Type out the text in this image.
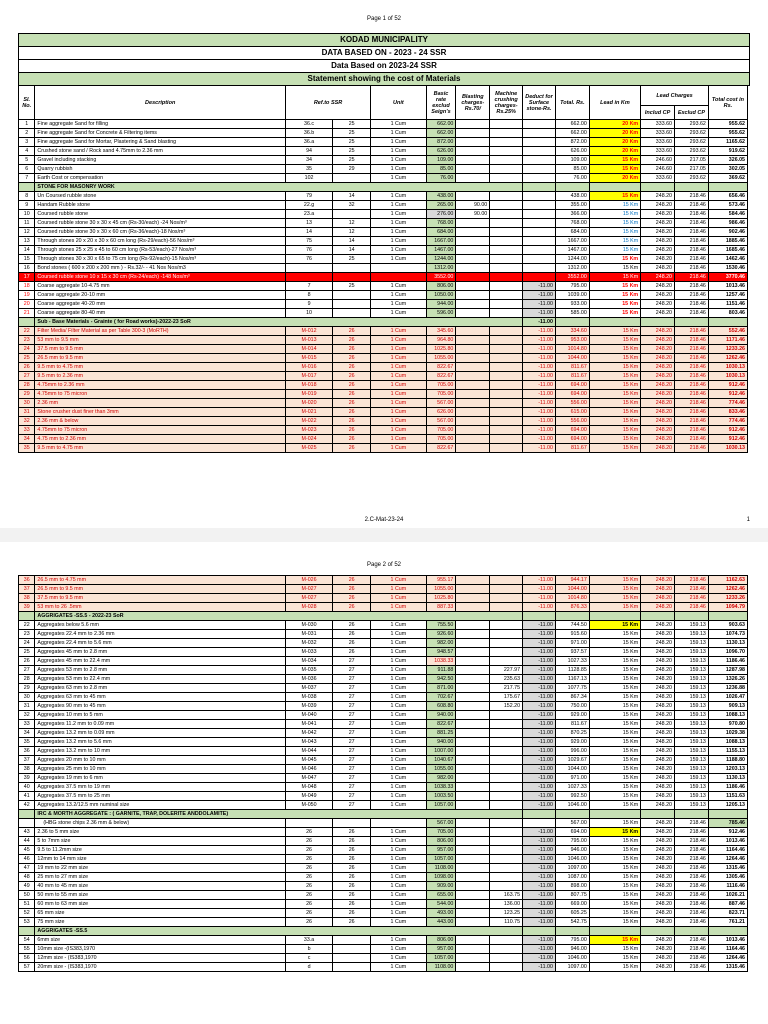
Page 1 of 52
KODAD MUNICIPALITY
DATA BASED ON - 2023 - 24 SSR
Data Based on 2023-24 SSR
Statement showing the cost of Materials
Sl. No.	Description	Ref.to SSR		Unit	Basic rate exclud Seign's	Blasting charges- Rs.70/	Machine crushing charges- Rs.25%	Deduct for Surface stone-Rs.	Total. Rs.	Lead in Km	Lead Charges		Total cost in Rs.
											Includ CP	Exclud CP	
1	Fine aggregate Sand for filling	36.c	25	1 Cum	662.00				662.00	20 Km	333.60	293.62	955.62
2	Fine aggregate Sand for Concrete & Filtering items	36.b	25	1 Cum	662.00				662.00	20 Km	333.60	293.62	955.62
3	Fine aggregate Sand for Mortar, Plastering & Sand blasting	36.a	25	1 Cum	872.00				872.00	20 Km	333.60	293.62	1165.62
4	Crushed stone sand / Rock sand 4.75mm to 2.36 mm	94	25	1 Cum	626.00				626.00	20 Km	333.60	293.62	919.62
5	Gravel including stacking	34	25	1 Cum	109.00				109.00	15 Km	246.60	217.05	326.05
6	Quarry rubbish	35	29	1 Cum	85.00				85.00	15 Km	246.60	217.05	302.05
7	Earth Cost or compensation	102		1 Cum	76.00				76.00	20 Km	333.60	293.62	369.62
	STONE FOR MASONRY WORK												
8	Un Coursed rubble stone	79	14	1 Cum	438.00				438.00	15 Km	248.20	218.46	656.46
9	Handam Rubble stone	22.g	32	1 Cum	265.00	90.00			355.00	15 Km	248.20	218.46	573.46
10	Coursed rubble stone	23.a		1 Cum	276.00	90.00			366.00	15 Km	248.20	218.46	584.46
11	Coursed rubble stone 30 x 30 x 45 cm (Rs-30/each) -24 Nos/m³	13	12	1 Cum	768.00				768.00	15 Km	248.20	218.46	986.46
12	Coursed rubble stone 30 x 30 x 60 cm (Rs-36/each)-18 Nos/m³	14	12	1 Cum	684.00				684.00	15 Km	248.20	218.46	902.46
13	Through stones 20 x 20 x 30 x 60 cm long (Rs-29/each)-56 Nos/m³	75	14	1 Cum	1667.00				1667.00	15 Km	248.20	218.46	1885.46
14	Through stones 25 x 25 x 45 to 60 cm long (Rs-53/each)-27 Nos/m³	76	14	1 Cum	1467.00				1467.00	15 Km	248.20	218.46	1685.46
15	Through stones 30 x 30 x 65 to 75 cm long (Rs-92/each)-15 Nos/m³	76	25	1 Cum	1244.00				1244.00	15 Km	248.20	218.46	1462.46
16	Bond stones ( 600 x 200 x 200 mm ) - Rs.32/- - 41 Nos Nos/m3				1312.00				1312.00	15 Km	248.20	218.46	1530.46
17	Coursed rubble stone 10 x 15 x 30 cm (Rs-24/each) -148 Nos/m³				3552.00				3552.00	15 Km	248.20	218.46	3770.46
18	Coarse aggregate 10-4.75 mm	7	25	1 Cum	806.00			-11.00	795.00	15 Km	248.20	218.46	1013.46
19	Coarse aggregate 20-10 mm	8		1 Cum	1050.00			-11.00	1039.00	15 Km	248.20	218.46	1257.46
20	Coarse aggregate 40-20 mm	9		1 Cum	944.00			-11.00	933.00	15 Km	248.20	218.46	1151.46
21	Coarse aggregate 80-40 mm	10		1 Cum	596.00			-11.00	585.00	15 Km	248.20	218.46	803.46
	Sub - Base Materials - Grainte ( for Road works)-2022-23 SoR							-11.00					
22	Filter Media/ Filter Material as per Table 300-3 (MoRTH)	M-012	26	1 Cum	345.60			-11.00	334.60	15 Km	248.20	218.46	552.46
23	53 mm to 9.5 mm	M-013	26	1 Cum	964.80			-11.00	953.00	15 Km	248.20	218.46	1171.46
24	37.5 mm to 9.5 mm	M-014	26	1 Cum	1025.80			-11.00	1014.80	15 Km	248.20	218.46	1233.26
25	26.5 mm to 9.5 mm	M-015	26	1 Cum	1055.00			-11.00	1044.00	15 Km	248.20	218.46	1262.46
26	9.5 mm to 4.75 mm	M-016	26	1 Cum	822.67			-11.00	811.67	15 Km	248.20	218.46	1030.13
27	9.5 mm to 2.36 mm	M-017	26	1 Cum	822.67			-11.00	811.67	15 Km	248.20	218.46	1030.13
28	4.75mm to 2.36 mm	M-018	26	1 Cum	705.00			-11.00	694.00	15 Km	248.20	218.46	912.46
29	4.75mm to 75 micron	M-019	26	1 Cum	705.00			-11.00	694.00	15 Km	248.20	218.46	912.46
30	2.36 mm	M-020	26	1 Cum	567.00			-11.00	556.00	15 Km	248.20	218.46	774.46
31	Stone crusher dust finer than 3mm	M-021	26	1 Cum	626.00			-11.00	615.00	15 Km	248.20	218.46	833.46
32	2.36 mm & below	M-022	26	1 Cum	567.00			-11.00	556.00	15 Km	248.20	218.46	774.46
33	4.75mm to 75 micron	M-023	26	1 Cum	705.00			-11.00	694.00	15 Km	248.20	218.46	912.46
34	4.75 mm to 2.36 mm	M-024	26	1 Cum	705.00			-11.00	694.00	15 Km	248.20	218.46	912.46
35	9.5 mm to 4.75 mm	M-025	26	1 Cum	822.67			-11.00	811.67	15 Km	248.20	218.46	1030.13
2.C-Mat-23-24	1
Page 2 of 52
36	26.5 mm to 4.75 mm	M-026	26	1 Cum	955.17			-11.00	944.17	15 Km	248.20	218.46	1162.63
37	26.5 mm to 9.5 mm	M-027	26	1 Cum	1055.00			-11.00	1044.00	15 Km	248.20	218.46	1262.46
38	37.5 mm to 9.5 mm	M-027	26	1 Cum	1025.80			-11.00	1014.80	15 Km	248.20	218.46	1233.26
39	53 mm to 26 .5mm	M-028	26	1 Cum	887.33			-11.00	876.33	15 Km	248.20	218.46	1094.79
	AGGRIGATES -SS.5 - 2022-23 SoR												
22	Aggregates below 5.6 mm	M-030	26	1 Cum	755.50			-11.00	744.50	15 Km	248.20	159.13	903.63
23	Aggregates 22.4 mm to 2.36 mm	M-031	26	1 Cum	926.60			-11.00	915.60	15 Km	248.20	159.13	1074.73
24	Aggregates 22.4 mm to 5.6 mm	M-032	26	1 Cum	982.00			-11.00	971.00	15 Km	248.20	159.13	1130.13
25	Aggregates 45 mm to 2.8 mm	M-033	26	1 Cum	948.57			-11.00	937.57	15 Km	248.20	159.13	1096.70
26	Aggregates 45 mm to 22.4 mm	M-034	27	1 Cum	1038.33			-11.00	1027.33	15 Km	248.20	159.13	1186.46
27	Aggregates 53 mm to 2.8 mm	M-035	27	1 Cum	911.88		227.97	-11.00	1128.85	15 Km	248.20	159.13	1287.98
28	Aggregates 53 mm to 22.4 mm	M-036	27	1 Cum	942.50		235.63	-11.00	1167.13	15 Km	248.20	159.13	1326.26
29	Aggregates 63 mm to 2.8 mm	M-037	27	1 Cum	871.00		217.75	-11.00	1077.75	15 Km	248.20	159.13	1236.88
30	Aggregates 63 mm to 45 mm	M-038	27	1 Cum	702.67		175.67	-11.00	867.34	15 Km	248.20	159.13	1026.47
31	Aggregates 90 mm to 45 mm	M-039	27	1 Cum	608.80		152.20	-11.00	750.00	15 Km	248.20	159.13	909.13
32	Aggregates 10 mm to 5 mm	M-040	27	1 Cum	940.00			-11.00	929.00	15 Km	248.20	159.13	1088.13
33	Aggregates 11.2 mm to 0.09 mm	M-041	27	1 Cum	822.67			-11.00	811.67	15 Km	248.20	159.13	970.80
34	Aggregates 13.2 mm to 0.09 mm	M-042	27	1 Cum	881.25			-11.00	870.25	15 Km	248.20	159.13	1029.38
35	Aggregates 13.2 mm to 5.6 mm	M-043	27	1 Cum	940.00			-11.00	929.00	15 Km	248.20	159.13	1088.13
36	Aggregates 13.2 mm to 10 mm	M-044	27	1 Cum	1007.00			-11.00	996.00	15 Km	248.20	159.13	1155.13
37	Aggregates 20 mm to 10 mm	M-045	27	1 Cum	1040.67			-11.00	1029.67	15 Km	248.20	159.13	1188.80
38	Aggregates 25 mm to 10 mm	M-046	27	1 Cum	1055.00			-11.00	1044.00	15 Km	248.20	159.13	1203.13
39	Aggregates 19 mm to 6 mm	M-047	27	1 Cum	982.00			-11.00	971.00	15 Km	248.20	159.13	1130.13
40	Aggregates 37.5 mm to 19 mm	M-048	27	1 Cum	1038.33			-11.00	1027.33	15 Km	248.20	159.13	1186.46
41	Aggregates 37.5 mm to 25 mm	M-049	27	1 Cum	1003.50			-11.00	992.50	15 Km	248.20	159.13	1151.63
42	Aggregates 13.2/12.5 mm numinal size	M-050	27	1 Cum	1057.00			-11.00	1046.00	15 Km	248.20	159.13	1205.13
	IRC & MORTH AGGREGATE : ( GARNITE, TRAP, DOLERITE ANDDOLAMITE)												
	(HBG stone chips 2.36 mm & below)				567.00				567.00	15 Km	248.20	218.46	785.46
43	2.36 to 5 mm size	26	26	1 Cum	705.00			-11.00	694.00	15 Km	248.20	218.46	912.46
44	5 to 7mm size	26	26	1 Cum	806.00			-11.00	795.00	15 Km	248.20	218.46	1013.46
45	9.5 to 11.2mm size	26	26	1 Cum	957.00			-11.00	946.00	15 Km	248.20	218.46	1164.46
46	12mm to 14 mm size	26	26	1 Cum	1057.00			-11.00	1046.00	15 Km	248.20	218.46	1264.46
47	19 mm to 22 mm size	26	26	1 Cum	1108.00			-11.00	1097.00	15 Km	248.20	218.46	1315.46
48	25 mm to 27 mm size	26	26	1 Cum	1098.00			-11.00	1087.00	15 Km	248.20	218.46	1305.46
49	40 mm to 45 mm size	26	26	1 Cum	909.00			-11.00	898.00	15 Km	248.20	218.46	1116.46
50	50 mm to 55 mm size	26	26	1 Cum	655.00		163.75	-11.00	807.75	15 Km	248.20	218.46	1026.21
51	60 mm to 63 mm size	26	26	1 Cum	544.00		136.00	-11.00	669.00	15 Km	248.20	218.46	887.46
52	65 mm size	26	26	1 Cum	493.00		123.25	-11.00	605.25	15 Km	248.20	218.46	823.71
53	75 mm size	26	26	1 Cum	443.00		110.75	-11.00	542.75	15 Km	248.20	218.46	761.21
	AGGRIGATES -SS.5												
54	6mm size	33.a		1 Cum	806.00			-11.00	795.00	15 Km	248.20	218.46	1013.46
55	10mm size -(IS383,1970	b		1 Cum	957.00			-11.00	946.00	15 Km	248.20	218.46	1164.46
56	12mm size - (IS383,1970	c		1 Cum	1057.00			-11.00	1046.00	15 Km	248.20	218.46	1264.46
57	20mm size - (IS383,1970	d		1 Cum	1108.00			-11.00	1097.00	15 Km	248.20	218.46	1315.46
